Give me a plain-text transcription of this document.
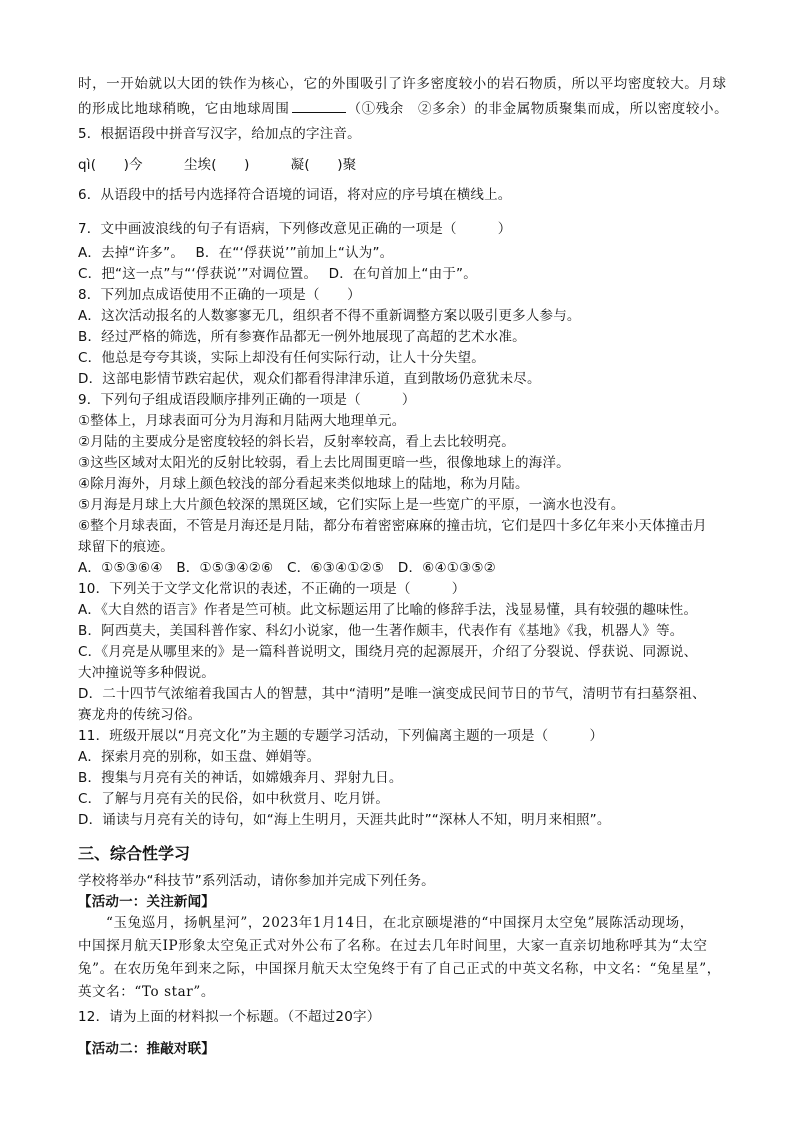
时，一开始就以大团的铁作为核心，它的外围吸引了许多密度较小的岩石物质，所以平均密度较大。月球
的形成比地球稍晚，它由地球周围	（①残余　②多余）的非金属物质聚集而成，所以密度较小。
5．根据语段中拼音写汉字，给加点的字注音。
qì(　　)今　　　尘埃(　　)　　　凝(　　)聚
6．从语段中的括号内选择符合语境的词语，将对应的序号填在横线上。
7．文中画波浪线的句子有语病，下列修改意见正确的一项是（　　　）
A．去掉“许多”。　 B．在“‘俘获说’”前加上“认为”。
C．把“这一点”与“‘俘获说’”对调位置。　 D．在句首加上“由于”。
8．下列加点成语使用不正确的一项是（　　）
A．这次活动报名的人数寥寥无几，组织者不得不重新调整方案以吸引更多人参与。
B．经过严格的筛选，所有参赛作品都无一例外地展现了高超的艺术水准。
C．他总是夸夸其谈，实际上却没有任何实际行动，让人十分失望。
D．这部电影情节跌宕起伏，观众们都看得津津乐道，直到散场仍意犹未尽。
9．下列句子组成语段顺序排列正确的一项是（　　　）
①整体上，月球表面可分为月海和月陆两大地理单元。
②月陆的主要成分是密度较轻的斜长岩，反射率较高，看上去比较明亮。
③这些区域对太阳光的反射比较弱，看上去比周围更暗一些，很像地球上的海洋。
④除月海外，月球上颜色较浅的部分看起来类似地球上的陆地，称为月陆。
⑤月海是月球上大片颜色较深的黑斑区域，它们实际上是一些宽广的平原，一滴水也没有。
⑥整个月球表面，不管是月海还是月陆，都分布着密密麻麻的撞击坑，它们是四十多亿年来小天体撞击月
球留下的痕迹。
A．①⑤③⑥④　B．①⑤③④②⑥　C．⑥③④①②⑤　D．⑥④①③⑤②
10．下列关于文学文化常识的表述，不正确的一项是（　　　）
A．《大自然的语言》作者是竺可桢。此文标题运用了比喻的修辞手法，浅显易懂，具有较强的趣味性。
B．阿西莫夫，美国科普作家、科幻小说家，他一生著作颇丰，代表作有《基地》《我，机器人》等。
C．《月亮是从哪里来的》是一篇科普说明文，围绕月亮的起源展开，介绍了分裂说、俘获说、同源说、
大冲撞说等多种假说。
D．二十四节气浓缩着我国古人的智慧，其中“清明”是唯一演变成民间节日的节气，清明节有扫墓祭祖、
赛龙舟的传统习俗。
11．班级开展以“月亮文化”为主题的专题学习活动，下列偏离主题的一项是（　　　）
A．探索月亮的别称，如玉盘、婵娟等。
B．搜集与月亮有关的神话，如嫦娥奔月、羿射九日。
C．了解与月亮有关的民俗，如中秋赏月、吃月饼。
D．诵读与月亮有关的诗句，如“海上生明月，天涯共此时”“深林人不知，明月来相照”。
三、综合性学习
学校将举办“科技节”系列活动，请你参加并完成下列任务。
【活动一：关注新闻】
“玉兔巡月，扬帆星河”，2023年1月14日，在北京颐堤港的“中国探月太空兔”展陈活动现场，
中国探月航天IP形象太空兔正式对外公布了名称。在过去几年时间里，大家一直亲切地称呼其为“太空
兔”。在农历兔年到来之际，中国探月航天太空兔终于有了自己正式的中英文名称，中文名：“兔星星”，
英文名：“To star”。
12．请为上面的材料拟一个标题。（不超过20字）
【活动二：推敲对联】
